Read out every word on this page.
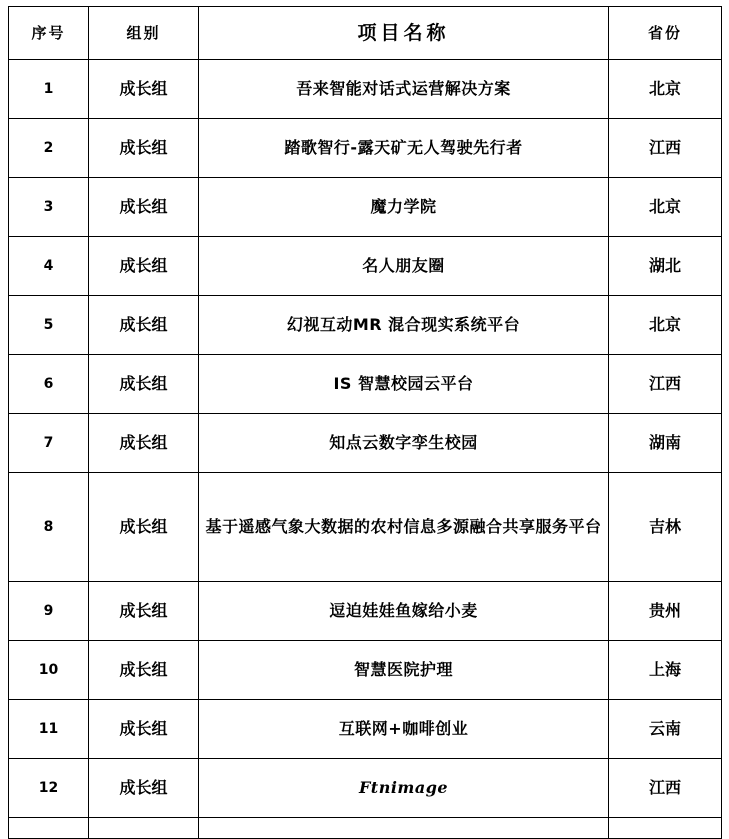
序号	组别	项目名称	省份
1	成长组	吾来智能对话式运营解决方案	北京
2	成长组	踏歌智行-露天矿无人驾驶先行者	江西
3	成长组	魔力学院	北京
4	成长组	名人朋友圈	湖北
5	成长组	幻视互动MR 混合现实系统平台	北京
6	成长组	IS 智慧校园云平台	江西
7	成长组	知点云数字孪生校园	湖南
8	成长组	基于遥感气象大数据的农村信息多源融合共享服务平台	吉林
9	成长组	逗迫娃娃鱼嫁给小麦	贵州
10	成长组	智慧医院护理	上海
11	成长组	互联网+咖啡创业	云南
12	成长组	Ftnimage	江西
